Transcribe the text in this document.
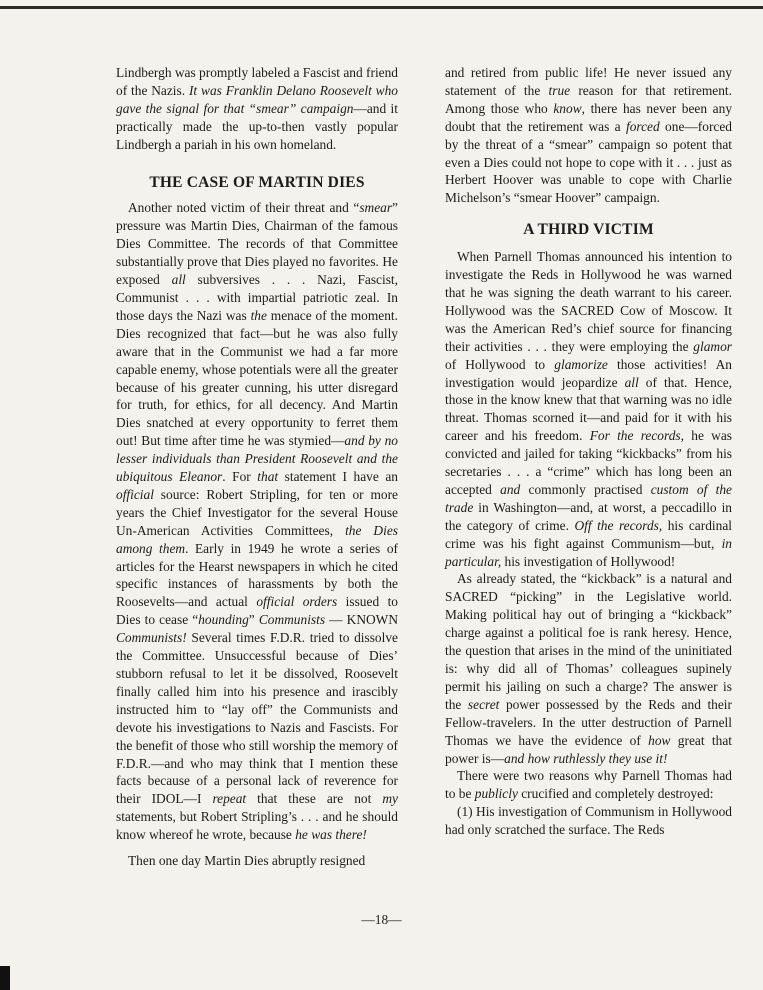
Lindbergh was promptly labeled a Fascist and friend of the Nazis. It was Franklin Delano Roosevelt who gave the signal for that “smear” campaign—and it practically made the up-to-then vastly popular Lindbergh a pariah in his own homeland.

THE CASE OF MARTIN DIES

Another noted victim of their threat and “smear” pressure was Martin Dies, Chairman of the famous Dies Committee. The records of that Committee substantially prove that Dies played no favorites. He exposed all subversives . . . Nazi, Fascist, Communist . . . with impartial patriotic zeal. In those days the Nazi was the menace of the moment. Dies recognized that fact—but he was also fully aware that in the Communist we had a far more capable enemy, whose potentials were all the greater because of his greater cunning, his utter disregard for truth, for ethics, for all decency. And Martin Dies snatched at every opportunity to ferret them out! But time after time he was stymied—and by no lesser individuals than President Roosevelt and the ubiquitous Eleanor. For that statement I have an official source: Robert Stripling, for ten or more years the Chief Investigator for the several House Un-American Activities Committees, the Dies among them. Early in 1949 he wrote a series of articles for the Hearst newspapers in which he cited specific instances of harassments by both the Roosevelts—and actual official orders issued to Dies to cease “hounding” Communists — KNOWN Communists! Several times F.D.R. tried to dissolve the Committee. Unsuccessful because of Dies’ stubborn refusal to let it be dissolved, Roosevelt finally called him into his presence and irascibly instructed him to “lay off” the Communists and devote his investigations to Nazis and Fascists. For the benefit of those who still worship the memory of F.D.R.—and who may think that I mention these facts because of a personal lack of reverence for their IDOL—I repeat that these are not my statements, but Robert Stripling’s . . . and he should know whereof he wrote, because he was there!

Then one day Martin Dies abruptly resigned

and retired from public life! He never issued any statement of the true reason for that retirement. Among those who know, there has never been any doubt that the retirement was a forced one—forced by the threat of a “smear” campaign so potent that even a Dies could not hope to cope with it . . . just as Herbert Hoover was unable to cope with Charlie Michelson’s “smear Hoover” campaign.

A THIRD VICTIM

When Parnell Thomas announced his intention to investigate the Reds in Hollywood he was warned that he was signing the death warrant to his career. Hollywood was the SACRED Cow of Moscow. It was the American Red’s chief source for financing their activities . . . they were employing the glamor of Hollywood to glamorize those activities! An investigation would jeopardize all of that. Hence, those in the know knew that that warning was no idle threat. Thomas scorned it—and paid for it with his career and his freedom. For the records, he was convicted and jailed for taking “kickbacks” from his secretaries . . . a “crime” which has long been an accepted and commonly practised custom of the trade in Washington—and, at worst, a peccadillo in the category of crime. Off the records, his cardinal crime was his fight against Communism—but, in particular, his investigation of Hollywood!

As already stated, the “kickback” is a natural and SACRED “picking” in the Legislative world. Making political hay out of bringing a “kickback” charge against a political foe is rank heresy. Hence, the question that arises in the mind of the uninitiated is: why did all of Thomas’ colleagues supinely permit his jailing on such a charge? The answer is the secret power possessed by the Reds and their Fellow-travelers. In the utter destruction of Parnell Thomas we have the evidence of how great that power is—and how ruthlessly they use it!

There were two reasons why Parnell Thomas had to be publicly crucified and completely destroyed:

(1) His investigation of Communism in Hollywood had only scratched the surface. The Reds

—18—
